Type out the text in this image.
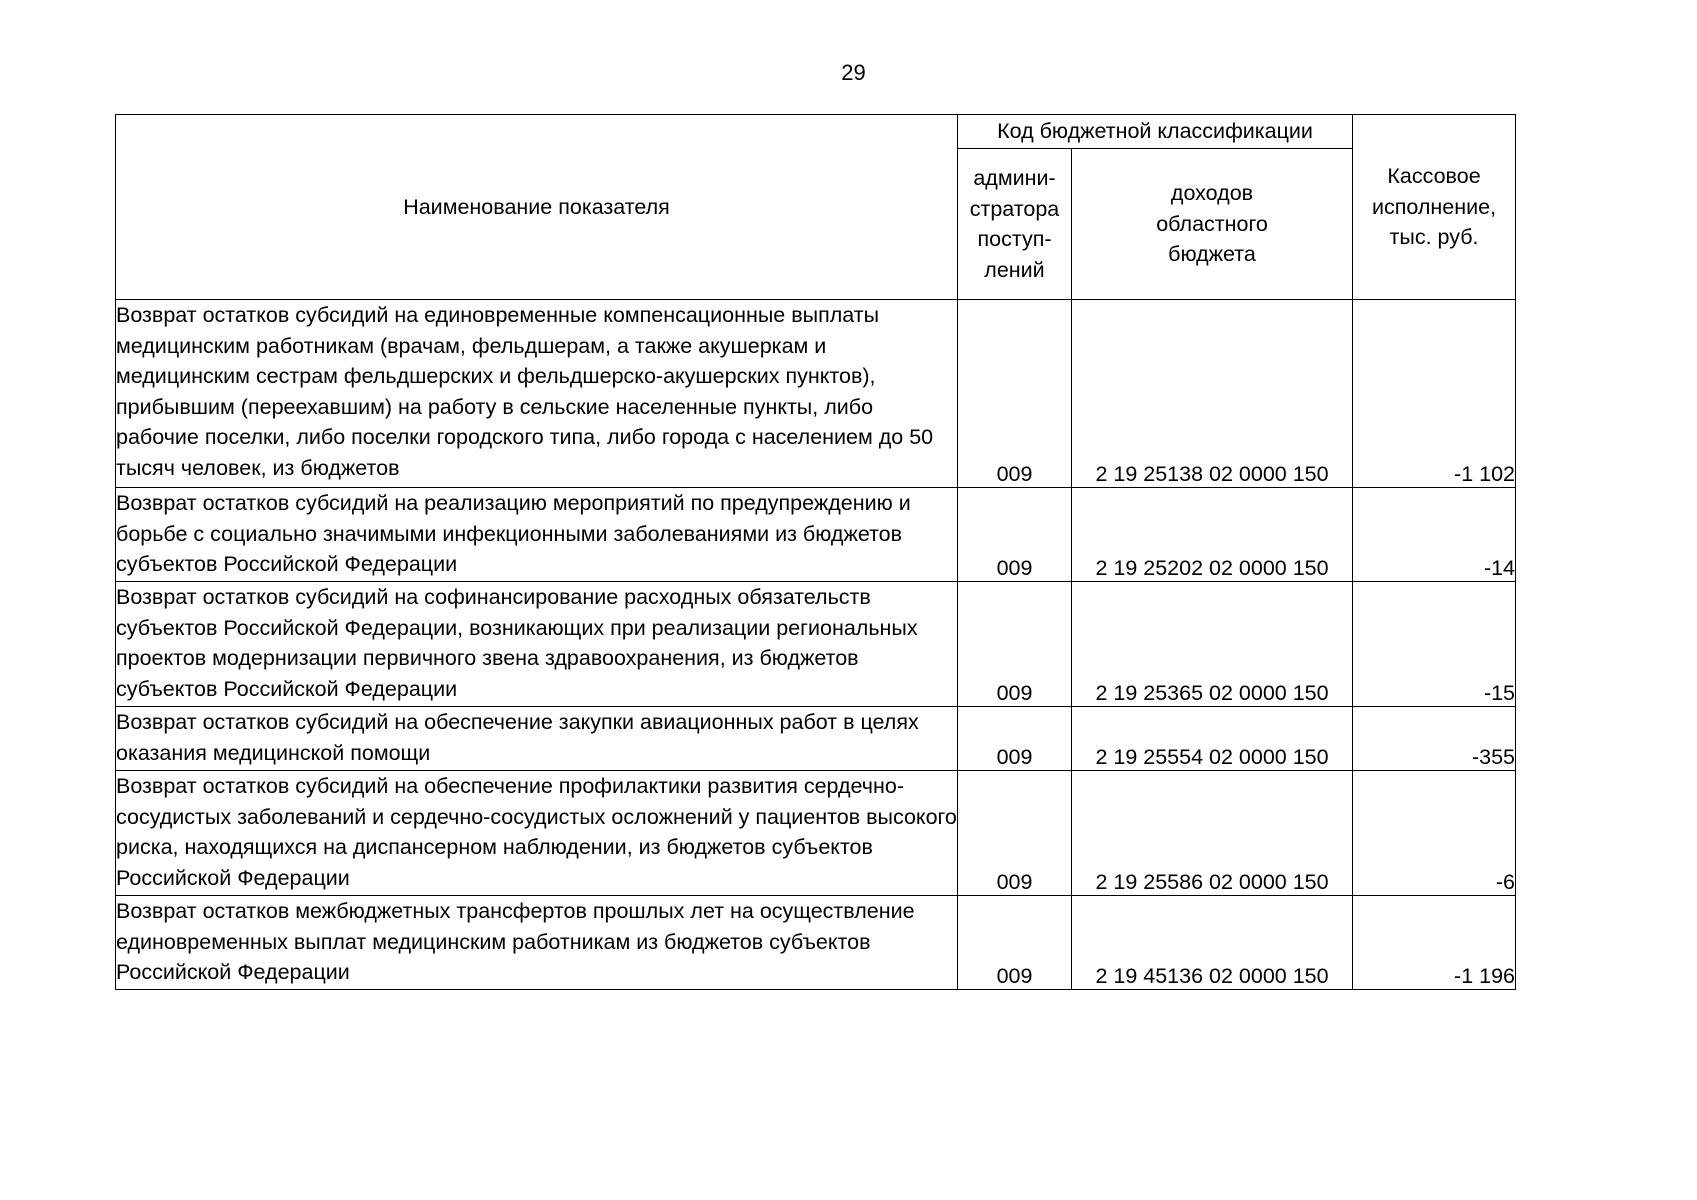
29
Наименование показателя	Код бюджетной классификации		Кассовое
исполнение,
тыс. руб.

	админи-
стратора
поступ-
лений	доходов
областного
бюджета	

Возврат остатков субсидий на единовременные компенсационные выплаты медицинским работникам (врачам, фельдшерам, а также акушеркам и медицинским сестрам фельдшерских и фельдшерско-акушерских пунктов), прибывшим (переехавшим) на работу в сельские населенные пункты, либо рабочие поселки, либо поселки городского типа, либо города с населением до 50 тысяч человек, из бюджетов	009	2 19 25138 02 0000 150	-1 102

Возврат остатков субсидий на реализацию мероприятий по предупреждению и борьбе с социально значимыми инфекционными заболеваниями из бюджетов субъектов Российской Федерации	009	2 19 25202 02 0000 150	-14

Возврат остатков субсидий на софинансирование расходных обязательств субъектов Российской Федерации, возникающих при реализации региональных проектов модернизации первичного звена здравоохранения, из бюджетов субъектов Российской Федерации	009	2 19 25365 02 0000 150	-15

Возврат остатков субсидий на обеспечение закупки авиационных работ в целях оказания медицинской помощи	009	2 19 25554 02 0000 150	-355

Возврат остатков субсидий на обеспечение профилактики развития сердечно-сосудистых заболеваний и сердечно-сосудистых осложнений у пациентов высокого риска, находящихся на диспансерном наблюдении, из бюджетов субъектов Российской Федерации	009	2 19 25586 02 0000 150	-6

Возврат остатков межбюджетных трансфертов прошлых лет на осуществление единовременных выплат медицинским работникам из бюджетов субъектов Российской Федерации	009	2 19 45136 02 0000 150	-1 196
